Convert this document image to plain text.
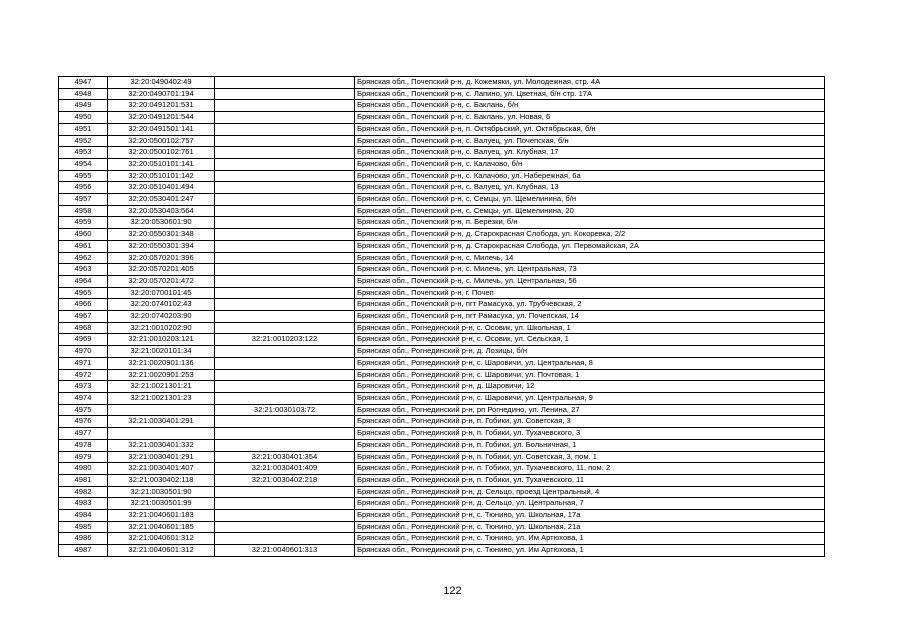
4947	32:20:0490402:49		Брянская обл., Почепский р-н, д. Кожемяки, ул. Молодежная, стр. 4А
4948	32:20:0490701:194		Брянская обл., Почепский р-н, с. Лапино, ул. Цветная, б/н стр. 17А
4949	32:20:0491201:531		Брянская обл., Почепский р-н, с. Баклань, б/н
4950	32:20:0491201:544		Брянская обл., Почепский р-н, с. Баклань, ул. Новая, 6
4951	32:20:0491501:141		Брянская обл., Почепский р-н, п. Октябрьский, ул. Октябрьская, б/н
4952	32:20:0500102:757		Брянская обл., Почепский р-н, с. Валуец, ул. Почепская, б/н
4953	32:20:0500102:761		Брянская обл., Почепский р-н, с. Валуец, ул. Клубная, 17
4954	32:20:0510101:141		Брянская обл., Почепский р-н, с. Калачово, б/н
4955	32:20:0510101:142		Брянская обл., Почепский р-н, с. Калачово, ул. Набережная, 6а
4956	32:20:0510401:494		Брянская обл., Почепский р-н, с. Валуец, ул. Клубная, 13
4957	32:20:0530401:247		Брянская обл., Почепский р-н, с. Семцы, ул. Щемелинина, б/н
4958	32:20:0530403:564		Брянская обл., Почепский р-н, с. Семцы, ул. Щемелинина, 20
4959	32:20:0530601:90		Брянская обл., Почепский р-н, п. Березки, б/н
4960	32:20:0550301:348		Брянская обл., Почепский р-н, д. Старокрасная Слобода, ул. Кокоревка, 2/2
4961	32:20:0550301:394		Брянская обл., Почепский р-н, д. Старокрасная Слобода, ул. Первомайская, 2А
4962	32:20:0570201:396		Брянская обл., Почепский р-н, с. Милечь, 14
4963	32:20:0570201:405		Брянская обл., Почепский р-н, с. Милечь, ул. Центральная, 73
4964	32:20:0570201:472		Брянская обл., Почепский р-н, с. Милечь, ул. Центральная, 56
4965	32:20:0700101:45		Брянская обл., Почепский р-н, г. Почеп
4966	32:20:0740102:43		Брянская обл., Почепский р-н, пгт Рамасуха, ул. Трубчевская, 2
4967	32:20:0740203:90		Брянская обл., Почепский р-н, пгт Рамасуха, ул. Почепская, 14
4968	32:21:0010202:90		Брянская обл., Рогнединский р-н, с. Осовик, ул. Школьная, 1
4969	32:21:0010203:121	32:21:0010203:122	Брянская обл., Рогнединский р-н, с. Осовик, ул. Сельская, 1
4970	32:21:0020101:34		Брянская обл., Рогнединский р-н, д. Лозицы, б/н
4971	32:21:0020901:136		Брянская обл., Рогнединский р-н, с. Шаровичи, ул. Центральная, 8
4972	32:21:0020901:253		Брянская обл., Рогнединский р-н, с. Шаровичи, ул. Почтовая, 1
4973	32:21:0021301:21		Брянская обл., Рогнединский р-н, д. Шаровичи, 12
4974	32:21:0021301:23		Брянская обл., Рогнединский р-н, с. Шаровичи, ул. Центральная, 9
4975		32:21:0030103:72	Брянская обл., Рогнединский р-н, рп Рогнедино, ул. Ленина, 27
4976	32:21:0030401:291		Брянская обл., Рогнединский р-н, п. Гобики, ул. Советская, 3
4977			Брянская обл., Рогнединский р-н, п. Гобики, ул. Тухачевского, 3
4978	32:21:0030401:332		Брянская обл., Рогнединский р-н, п. Гобики, ул. Больничная, 1
4979	32:21:0030401:291	32:21:0030401:354	Брянская обл., Рогнединский р-н, п. Гобики, ул. Советская, 3, пом. 1
4980	32:21:0030401:407	32:21:0030401:409	Брянская обл., Рогнединский р-н, п. Гобики, ул. Тухачевского, 11, пом. 2
4981	32:21:0030402:118	32:21:0030402:218	Брянская обл., Рогнединский р-н, п. Гобики, ул. Тухачевского, 11
4982	32:21:0030501:90		Брянская обл., Рогнединский р-н, д. Сельцо, проезд Центральный, 4
4983	32:21:0030501:99		Брянская обл., Рогнединский р-н, д. Сельцо, ул. Центральная, 7
4984	32:21:0040601:183		Брянская обл., Рогнединский р-н, с. Тюнино, ул. Школьная, 17а
4985	32:21:0040601:185		Брянская обл., Рогнединский р-н, с. Тюнино, ул. Школьная, 21а
4986	32:21:0040601:312		Брянская обл., Рогнединский р-н, с. Тюнино, ул. Им Артюхова, 1
4987	32:21:0040601:312	32:21:0040601:313	Брянская обл., Рогнединский р-н, с. Тюнино, ул. Им Артюхова, 1
122
